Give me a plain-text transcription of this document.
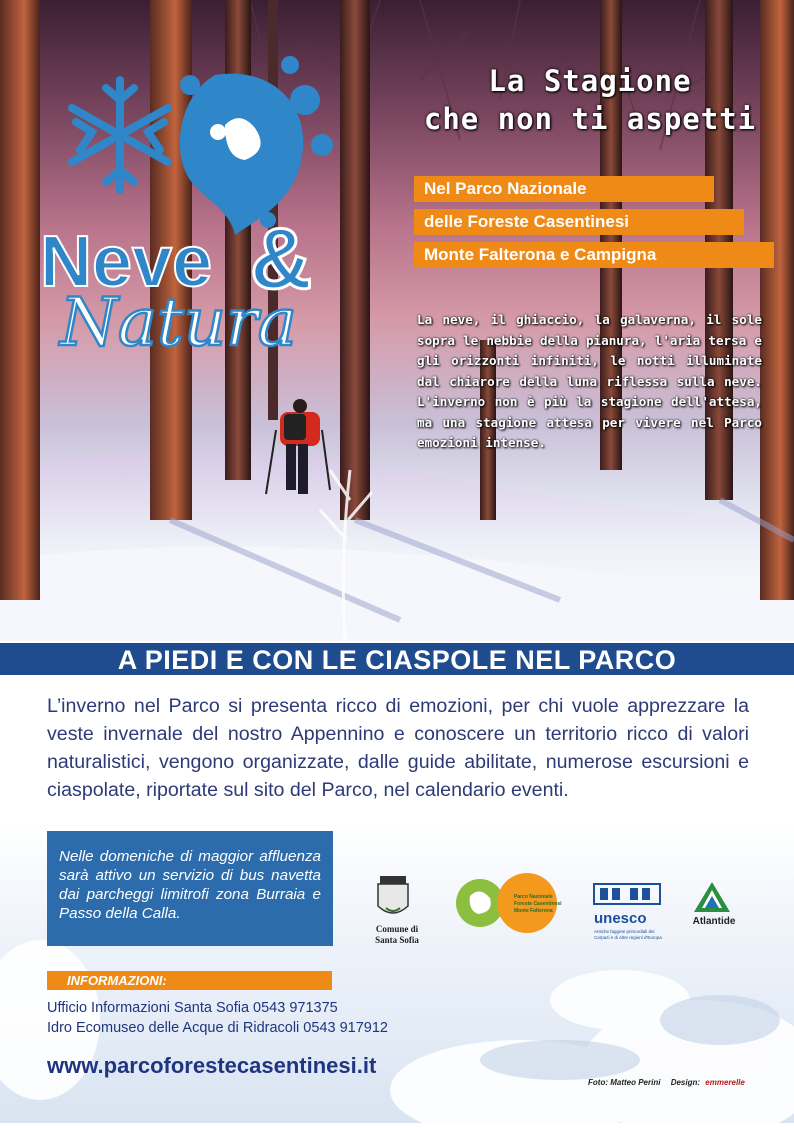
Neve &
Natura
La Stagione
che non ti aspetti
Nel Parco Nazionale
delle Foreste Casentinesi
Monte Falterona e Campigna
La neve, il ghiaccio, la galaverna, il sole sopra le nebbie della pianura, l'aria tersa e gli orizzonti infiniti, le notti illuminate dal chiarore della luna riflessa sulla neve. L'inverno non è più la stagione dell'attesa, ma una stagione attesa per vivere nel Parco emozioni intense.
A PIEDI E CON LE CIASPOLE NEL PARCO
L’inverno nel Parco si presenta ricco di emozioni, per chi vuole apprezzare la veste invernale del nostro Appennino e conoscere un territorio ricco di valori naturalistici, vengono organizzate, dalle guide abilitate, numerose escursioni e ciaspolate, riportate sul sito del Parco, nel calendario eventi.
Nelle domeniche di maggior affluenza sarà attivo un servizio di bus navetta dai parcheggi limitrofi zona Burraia e Passo della Calla.
Parco Nazionale
Foreste Casentinesi
Monte Falterona
Comune di Santa Sofia
unesco
Antiche faggete primordiali dei Carpazi e di altre regioni d'Europa
Atlantide
INFORMAZIONI:
Ufficio Informazioni Santa Sofia 0543 971375
Idro Ecomuseo delle Acque di Ridracoli 0543 917912
www.parcoforestecasentinesi.it
Foto: Matteo Perini Design: emmerelle
